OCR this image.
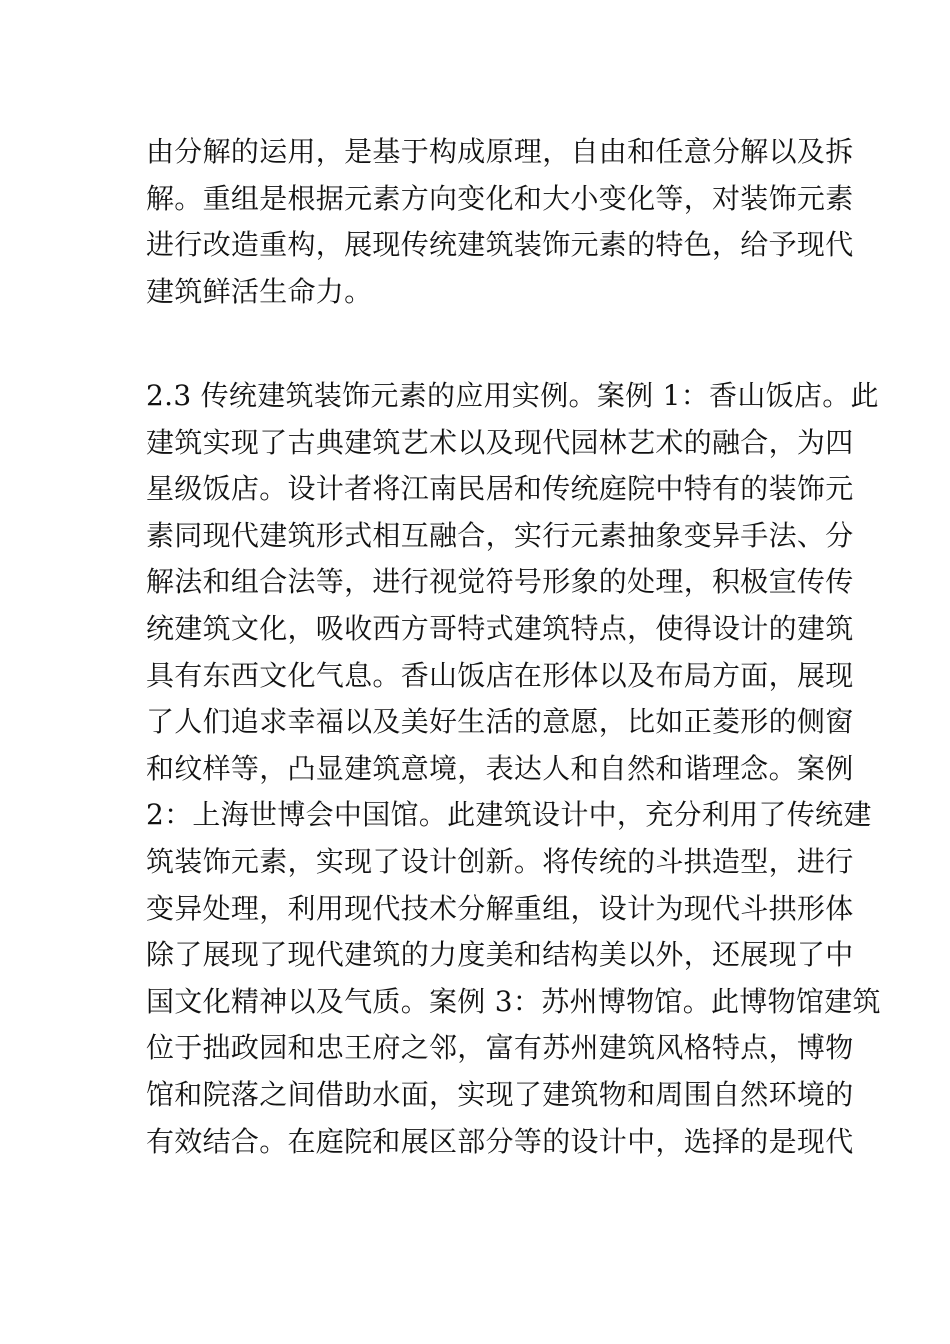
由分解的运用，是基于构成原理，自由和任意分解以及拆
解。重组是根据元素方向变化和大小变化等，对装饰元素
进行改造重构，展现传统建筑装饰元素的特色，给予现代
建筑鲜活生命力。
2.3 传统建筑装饰元素的应用实例。案例 1：香山饭店。此
建筑实现了古典建筑艺术以及现代园林艺术的融合，为四
星级饭店。设计者将江南民居和传统庭院中特有的装饰元
素同现代建筑形式相互融合，实行元素抽象变异手法、分
解法和组合法等，进行视觉符号形象的处理，积极宣传传
统建筑文化，吸收西方哥特式建筑特点，使得设计的建筑
具有东西文化气息。香山饭店在形体以及布局方面，展现
了人们追求幸福以及美好生活的意愿，比如正菱形的侧窗
和纹样等，凸显建筑意境，表达人和自然和谐理念。案例
2：上海世博会中国馆。此建筑设计中，充分利用了传统建
筑装饰元素，实现了设计创新。将传统的斗拱造型，进行
变异处理，利用现代技术分解重组，设计为现代斗拱形体
除了展现了现代建筑的力度美和结构美以外，还展现了中
国文化精神以及气质。案例 3：苏州博物馆。此博物馆建筑
位于拙政园和忠王府之邻，富有苏州建筑风格特点，博物
馆和院落之间借助水面，实现了建筑物和周围自然环境的
有效结合。在庭院和展区部分等的设计中，选择的是现代
